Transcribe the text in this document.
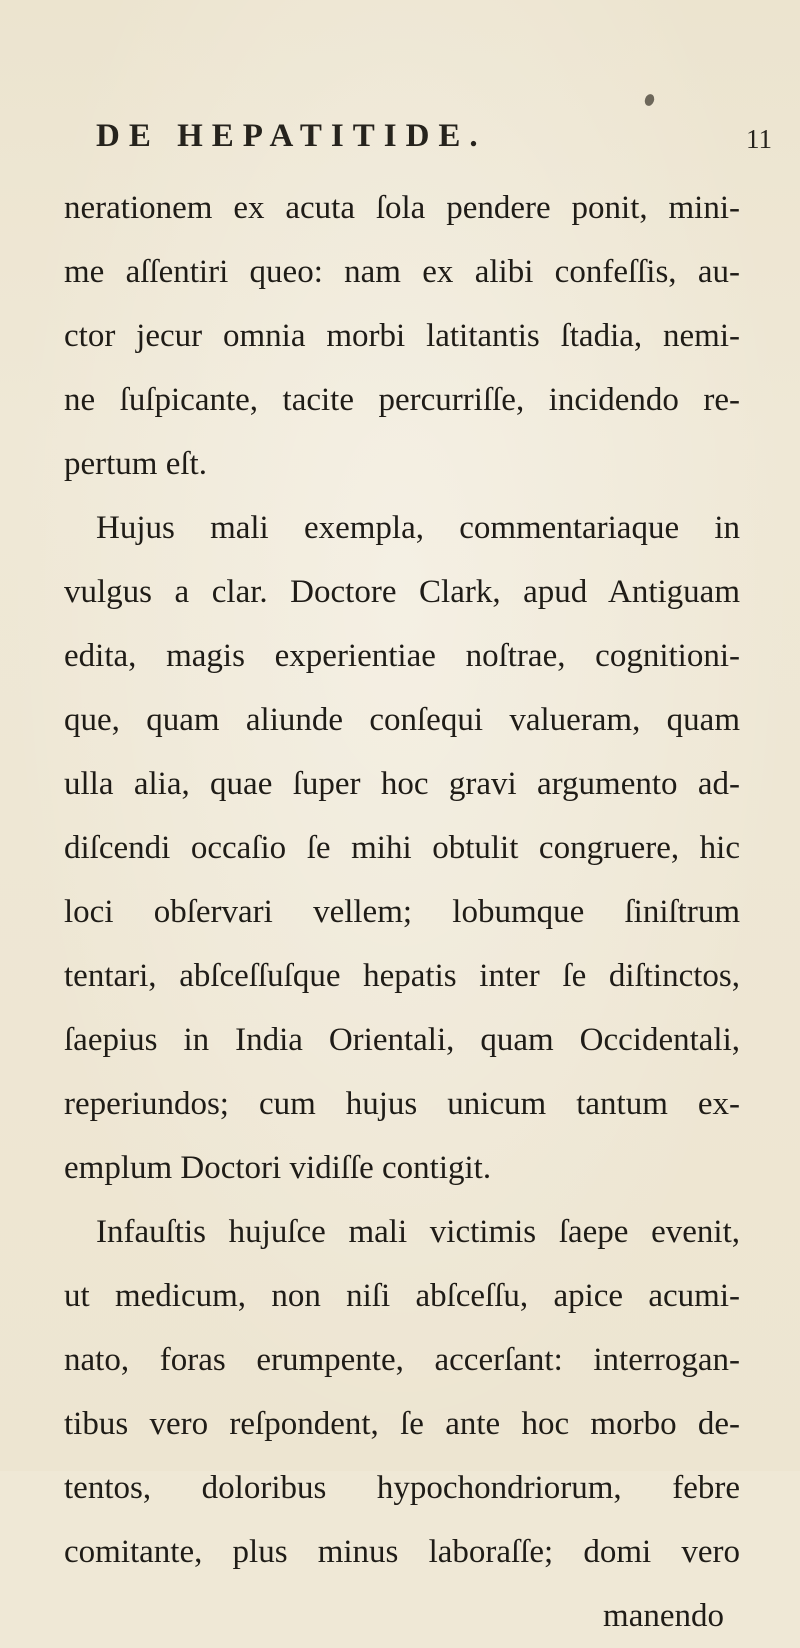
DE HEPATITIDE.	11
nerationem ex acuta ſola pendere ponit, mini-
me aſſentiri queo: nam ex alibi confeſſis, au-
ctor jecur omnia morbi latitantis ſtadia, nemi-
ne ſuſpicante, tacite percurriſſe, incidendo re-
pertum eſt.
Hujus mali exempla, commentariaque in
vulgus a clar. Doctore Clark, apud Antiguam
edita, magis experientiae noſtrae, cognitioni-
que, quam aliunde conſequi valueram, quam
ulla alia, quae ſuper hoc gravi argumento ad-
diſcendi occaſio ſe mihi obtulit congruere, hic
loci obſervari vellem; lobumque ſiniſtrum
tentari, abſceſſuſque hepatis inter ſe diſtinctos,
ſaepius in India Orientali, quam Occidentali,
reperiundos; cum hujus unicum tantum ex-
emplum Doctori vidiſſe contigit.
Infauſtis hujuſce mali victimis ſaepe evenit,
ut medicum, non niſi abſceſſu, apice acumi-
nato, foras erumpente, accerſant: interrogan-
tibus vero reſpondent, ſe ante hoc morbo de-
tentos, doloribus hypochondriorum, febre
comitante, plus minus laboraſſe; domi vero
manendo
